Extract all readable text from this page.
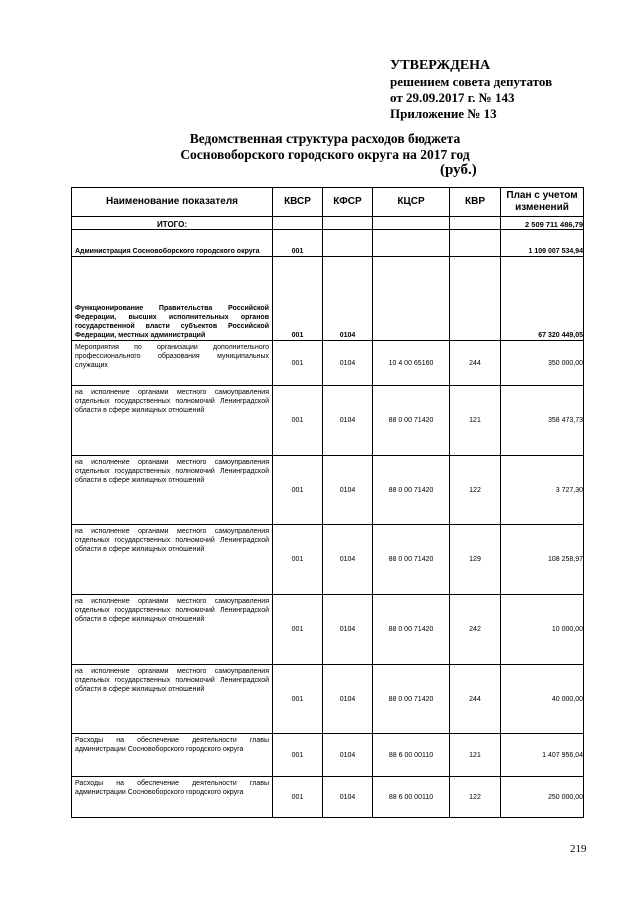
УТВЕРЖДЕНА
решением совета депутатов
от 29.09.2017 г. № 143
Приложение № 13
Ведомственная структура расходов бюджета
Сосновоборского городского округа на 2017 год
(руб.)
Наименование показателя	КВСР	КФСР	КЦСР	КВР	План с учетом изменений
ИТОГО:					2 509 711 486,79
Администрация Сосновоборского городского округа	001				1 109 007 534,94
Функционирование Правительства Российской Федерации, высших исполнительных органов государственной власти субъектов Российской Федерации, местных администраций	001	0104			67 320 449,05
Мероприятия по организации дополнительного профессионального образования муниципальных служащих	001	0104	10 4 00 65160	244	350 000,00
на исполнение органами местного самоуправления отдельных государственных полномочий Ленинградской области в сфере жилищных отношений	001	0104	88 0 00 71420	121	358 473,73
на исполнение органами местного самоуправления отдельных государственных полномочий Ленинградской области в сфере жилищных отношений	001	0104	88 0 00 71420	122	3 727,30
на исполнение органами местного самоуправления отдельных государственных полномочий Ленинградской области в сфере жилищных отношений	001	0104	88 0 00 71420	129	108 258,97
на исполнение органами местного самоуправления отдельных государственных полномочий Ленинградской области в сфере жилищных отношений	001	0104	88 0 00 71420	242	10 000,00
на исполнение органами местного самоуправления отдельных государственных полномочий Ленинградской области в сфере жилищных отношений	001	0104	88 0 00 71420	244	40 000,00
Расходы на обеспечение деятельности главы администрации Сосновоборского городского округа	001	0104	88 6 00 00110	121	1 407 956,04
Расходы на обеспечение деятельности главы администрации Сосновоборского городского округа	001	0104	88 6 00 00110	122	250 000,00
219
